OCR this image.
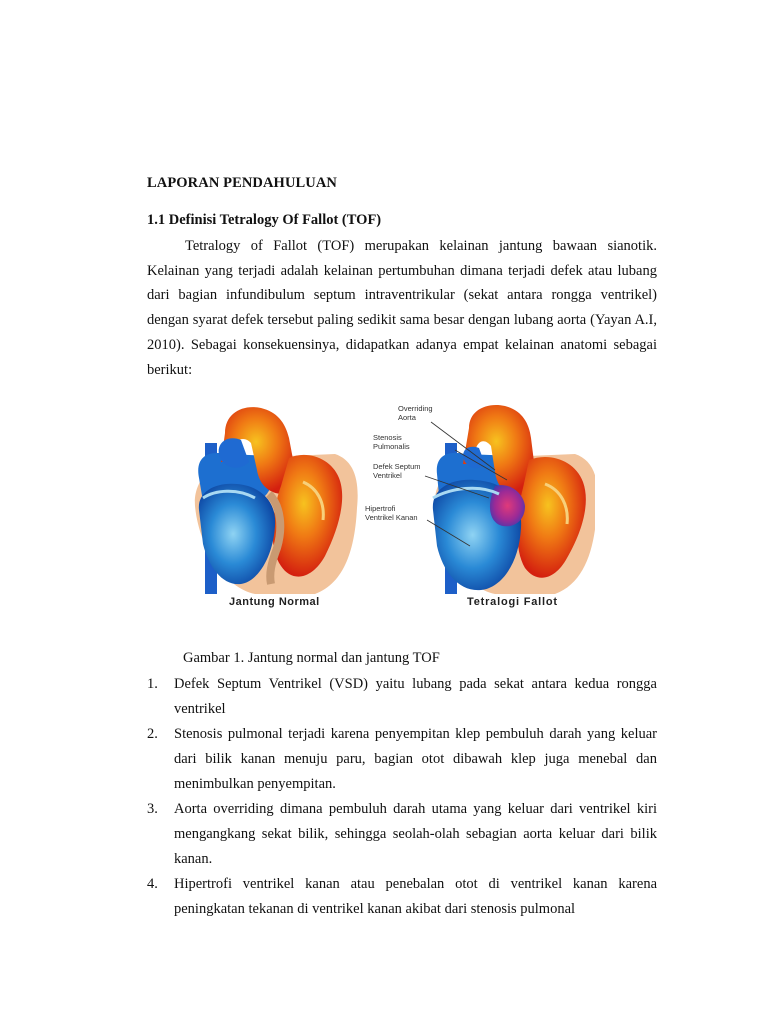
LAPORAN PENDAHULUAN
1.1 Definisi Tetralogy Of Fallot (TOF)
Tetralogy of Fallot (TOF) merupakan kelainan jantung bawaan sianotik. Kelainan yang terjadi adalah kelainan pertumbuhan dimana terjadi defek atau lubang dari bagian infundibulum septum intraventrikular (sekat antara rongga ventrikel) dengan syarat defek tersebut paling sedikit sama besar dengan lubang aorta (Yayan A.I, 2010). Sebagai konsekuensinya, didapatkan adanya empat kelainan anatomi sebagai berikut:
Overriding
Aorta
Stenosis
Pulmonalis
Defek Septum
Ventrikel
Hipertrofi
Ventrikel Kanan
Jantung Normal	Tetralogi Fallot
Gambar 1. Jantung normal dan jantung TOF
1. Defek Septum Ventrikel (VSD) yaitu lubang pada sekat antara kedua rongga ventrikel
2. Stenosis pulmonal terjadi karena penyempitan klep pembuluh darah yang keluar dari bilik kanan menuju paru, bagian otot dibawah klep juga menebal dan menimbulkan penyempitan.
3. Aorta overriding dimana pembuluh darah utama yang keluar dari ventrikel kiri mengangkang sekat bilik, sehingga seolah-olah sebagian aorta keluar dari bilik kanan.
4. Hipertrofi ventrikel kanan atau penebalan otot di ventrikel kanan karena peningkatan tekanan di ventrikel kanan akibat dari stenosis pulmonal
